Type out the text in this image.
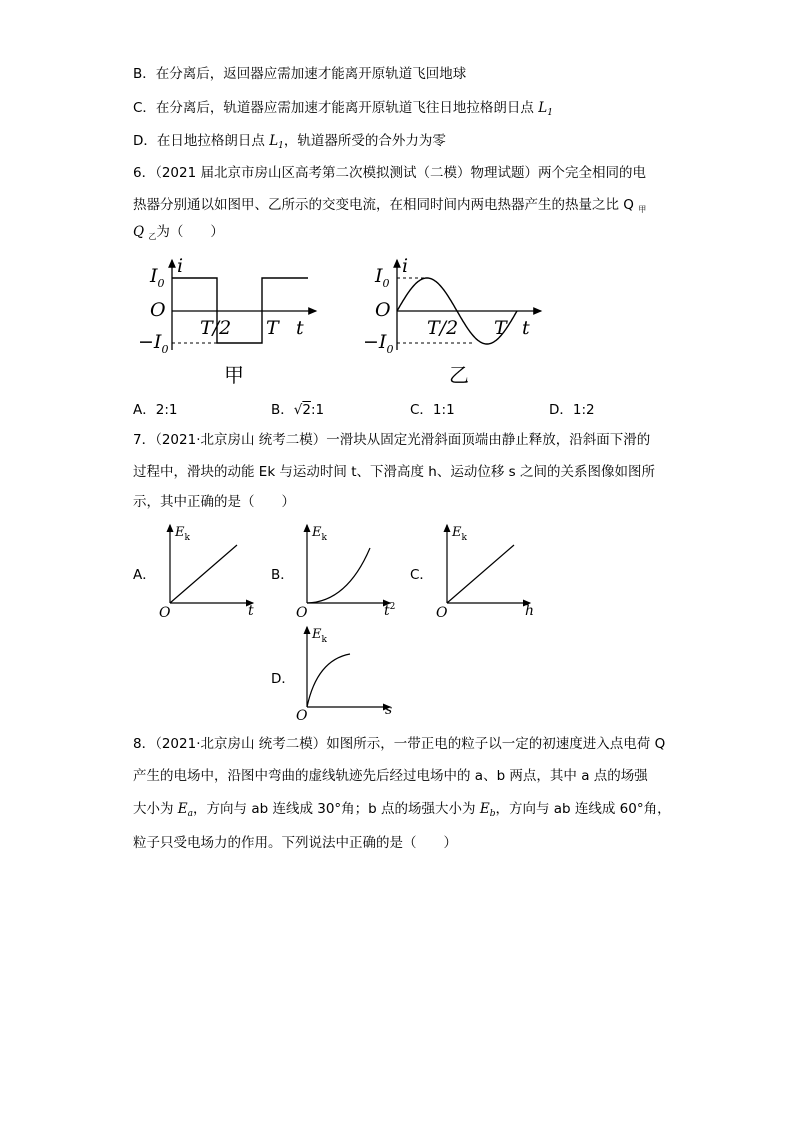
B．在分离后，返回器应需加速才能离开原轨道飞回地球
C．在分离后，轨道器应需加速才能离开原轨道飞往日地拉格朗日点 $L_1$
D．在日地拉格朗日点 $L_1$，轨道器所受的合外力为零
6．（2021 届北京市房山区高考第二次模拟测试（二模）物理试题）两个完全相同的电
热器分别通以如图甲、乙所示的交变电流，在相同时间内两电热器产生的热量之比 Q $_甲$
Q $_乙$为（　　）
$I_0$
i
O
$-I_0$
T/2 T t
甲
$I_0$
i
O
$-I_0$
T/2 T t
乙
A．2:1	B．√2:1	C．1:1	D．1:2
7．（2021·北京房山 统考二模）一滑块从固定光滑斜面顶端由静止释放，沿斜面下滑的
过程中，滑块的动能 Ek 与运动时间 t、下滑高度 h、运动位移 s 之间的关系图像如图所
示，其中正确的是（　　）
A．
$E_k$
O	t
B．
$E_k$
O	$t^2$
C．
$E_k$
O	h
D．
$E_k$
O	s
8．（2021·北京房山 统考二模）如图所示，一带正电的粒子以一定的初速度进入点电荷 Q
产生的电场中，沿图中弯曲的虚线轨迹先后经过电场中的 a、b 两点，其中 a 点的场强
大小为 $E_a$，方向与 ab 连线成 30°角；b 点的场强大小为 $E_b$，方向与 ab 连线成 60°角，
粒子只受电场力的作用。下列说法中正确的是（　　）
